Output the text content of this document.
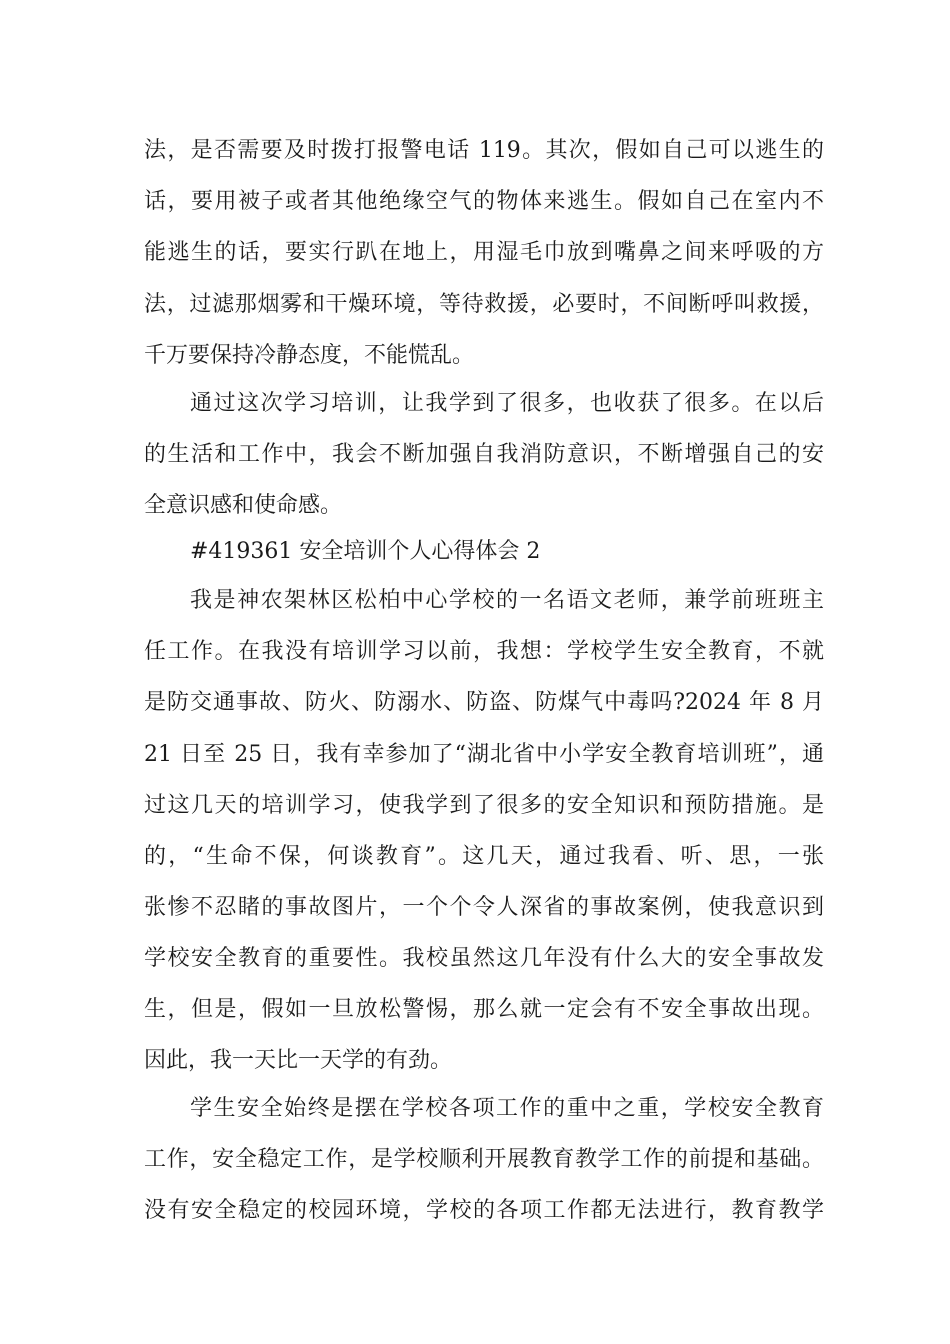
法，是否需要及时拨打报警电话 119。其次，假如自己可以逃生的
话，要用被子或者其他绝缘空气的物体来逃生。假如自己在室内不
能逃生的话，要实行趴在地上，用湿毛巾放到嘴鼻之间来呼吸的方
法，过滤那烟雾和干燥环境，等待救援，必要时，不间断呼叫救援，
千万要保持冷静态度，不能慌乱。
通过这次学习培训，让我学到了很多，也收获了很多。在以后
的生活和工作中，我会不断加强自我消防意识，不断增强自己的安
全意识感和使命感。
#419361 安全培训个人心得体会 2
我是神农架林区松柏中心学校的一名语文老师，兼学前班班主
任工作。在我没有培训学习以前，我想：学校学生安全教育，不就
是防交通事故、防火、防溺水、防盗、防煤气中毒吗?2024 年 8 月
21 日至 25 日，我有幸参加了“湖北省中小学安全教育培训班”，通
过这几天的培训学习，使我学到了很多的安全知识和预防措施。是
的，“生命不保，何谈教育”。这几天，通过我看、听、思，一张
张惨不忍睹的事故图片，一个个令人深省的事故案例，使我意识到
学校安全教育的重要性。我校虽然这几年没有什么大的安全事故发
生，但是，假如一旦放松警惕，那么就一定会有不安全事故出现。
因此，我一天比一天学的有劲。
学生安全始终是摆在学校各项工作的重中之重，学校安全教育
工作，安全稳定工作，是学校顺利开展教育教学工作的前提和基础。
没有安全稳定的校园环境，学校的各项工作都无法进行，教育教学
